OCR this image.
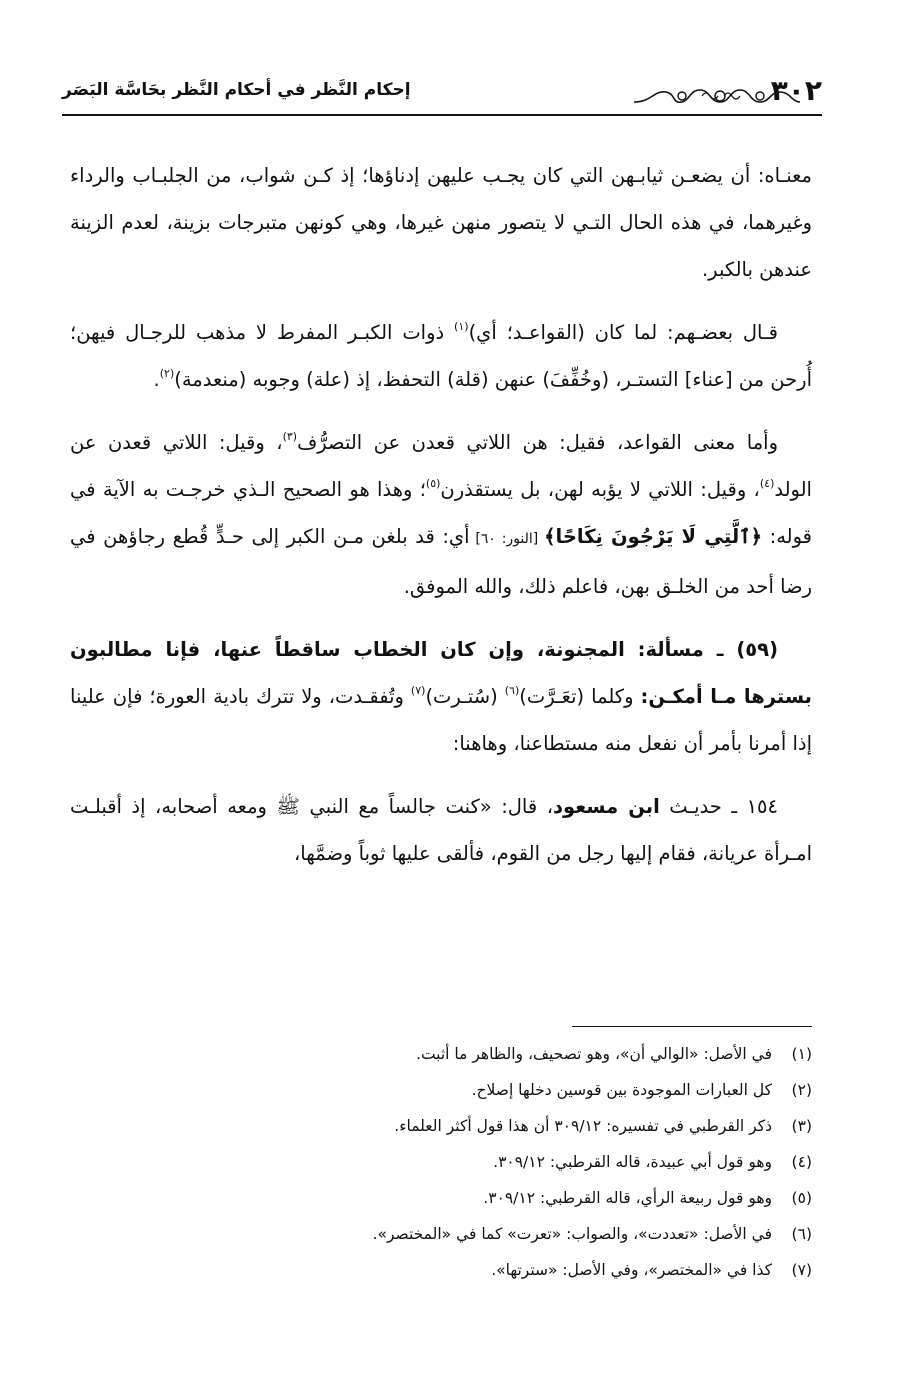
إحكام النَّظر في أحكام النَّظر بحَاسَّة البَصَر	٣٠٢

معنـاه: أن يضعـن ثيابـهن التي كان يجـب عليهن إدناؤها؛ إذ كـن شواب، من الجلبـاب والرداء وغيرهما، في هذه الحال التـي لا يتصور منهن غيرها، وهي كونهن متبرجات بزينة، لعدم الزينة عندهن بالكبر.

قـال بعضـهم: لما كان (القواعـد؛ أي)$^{(١)}$ ذوات الكبـر المفرط لا مذهب للرجـال فيهن؛ أُرحن من [عناء] التستـر، (وخُفِّفَ) عنهن (قلة) التحفظ، إذ (علة) وجوبه (منعدمة)$^{(٢)}$.

وأما معنى القواعد، فقيل: هن اللاتي قعدن عن التصرُّف$^{(٣)}$، وقيل: اللاتي قعدن عن الولد$^{(٤)}$، وقيل: اللاتي لا يؤبه لهن، بل يستقذرن$^{(٥)}$؛ وهذا هو الصحيح الـذي خرجـت به الآية في قوله: ﴿ٱلَّتِي لَا يَرْجُونَ نِكَاحًا﴾ [النور: ٦٠] أي: قد بلغن مـن الكبر إلى حـدٍّ قُطع رجاؤهن في رضا أحد من الخلـق بهن، فاعلم ذلك، والله الموفق.

(٥٩) ـ مسألة: المجنونة، وإن كان الخطاب ساقطاً عنها، فإنا مطالبون بسترها مـا أمكـن: وكلما (تعَـرَّت)$^{(٦)}$ (سُتـرت)$^{(٧)}$ وتُفقـدت، ولا تترك بادية العورة؛ فإن علينا إذا أمرنا بأمر أن نفعل منه مستطاعنا، وهاهنا:

١٥٤ ـ حديـث ابن مسعود، قال: «كنت جالساً مع النبي ﷺ ومعه أصحابه، إذ أقبلـت امـرأة عريانة، فقام إليها رجل من القوم، فألقى عليها ثوباً وضمَّها،

(١)في الأصل: «الوالي أن»، وهو تصحيف، والظاهر ما أثبت.
(٢)كل العبارات الموجودة بين قوسين دخلها إصلاح.
(٣)ذكر القرطبي في تفسيره: ٣٠٩/١٢ أن هذا قول أكثر العلماء.
(٤)وهو قول أبي عبيدة، قاله القرطبي: ٣٠٩/١٢.
(٥)وهو قول ربيعة الرأي، قاله القرطبي: ٣٠٩/١٢.
(٦)في الأصل: «تعددت»، والصواب: «تعرت» كما في «المختصر».
(٧)كذا في «المختصر»، وفي الأصل: «سترتها».
